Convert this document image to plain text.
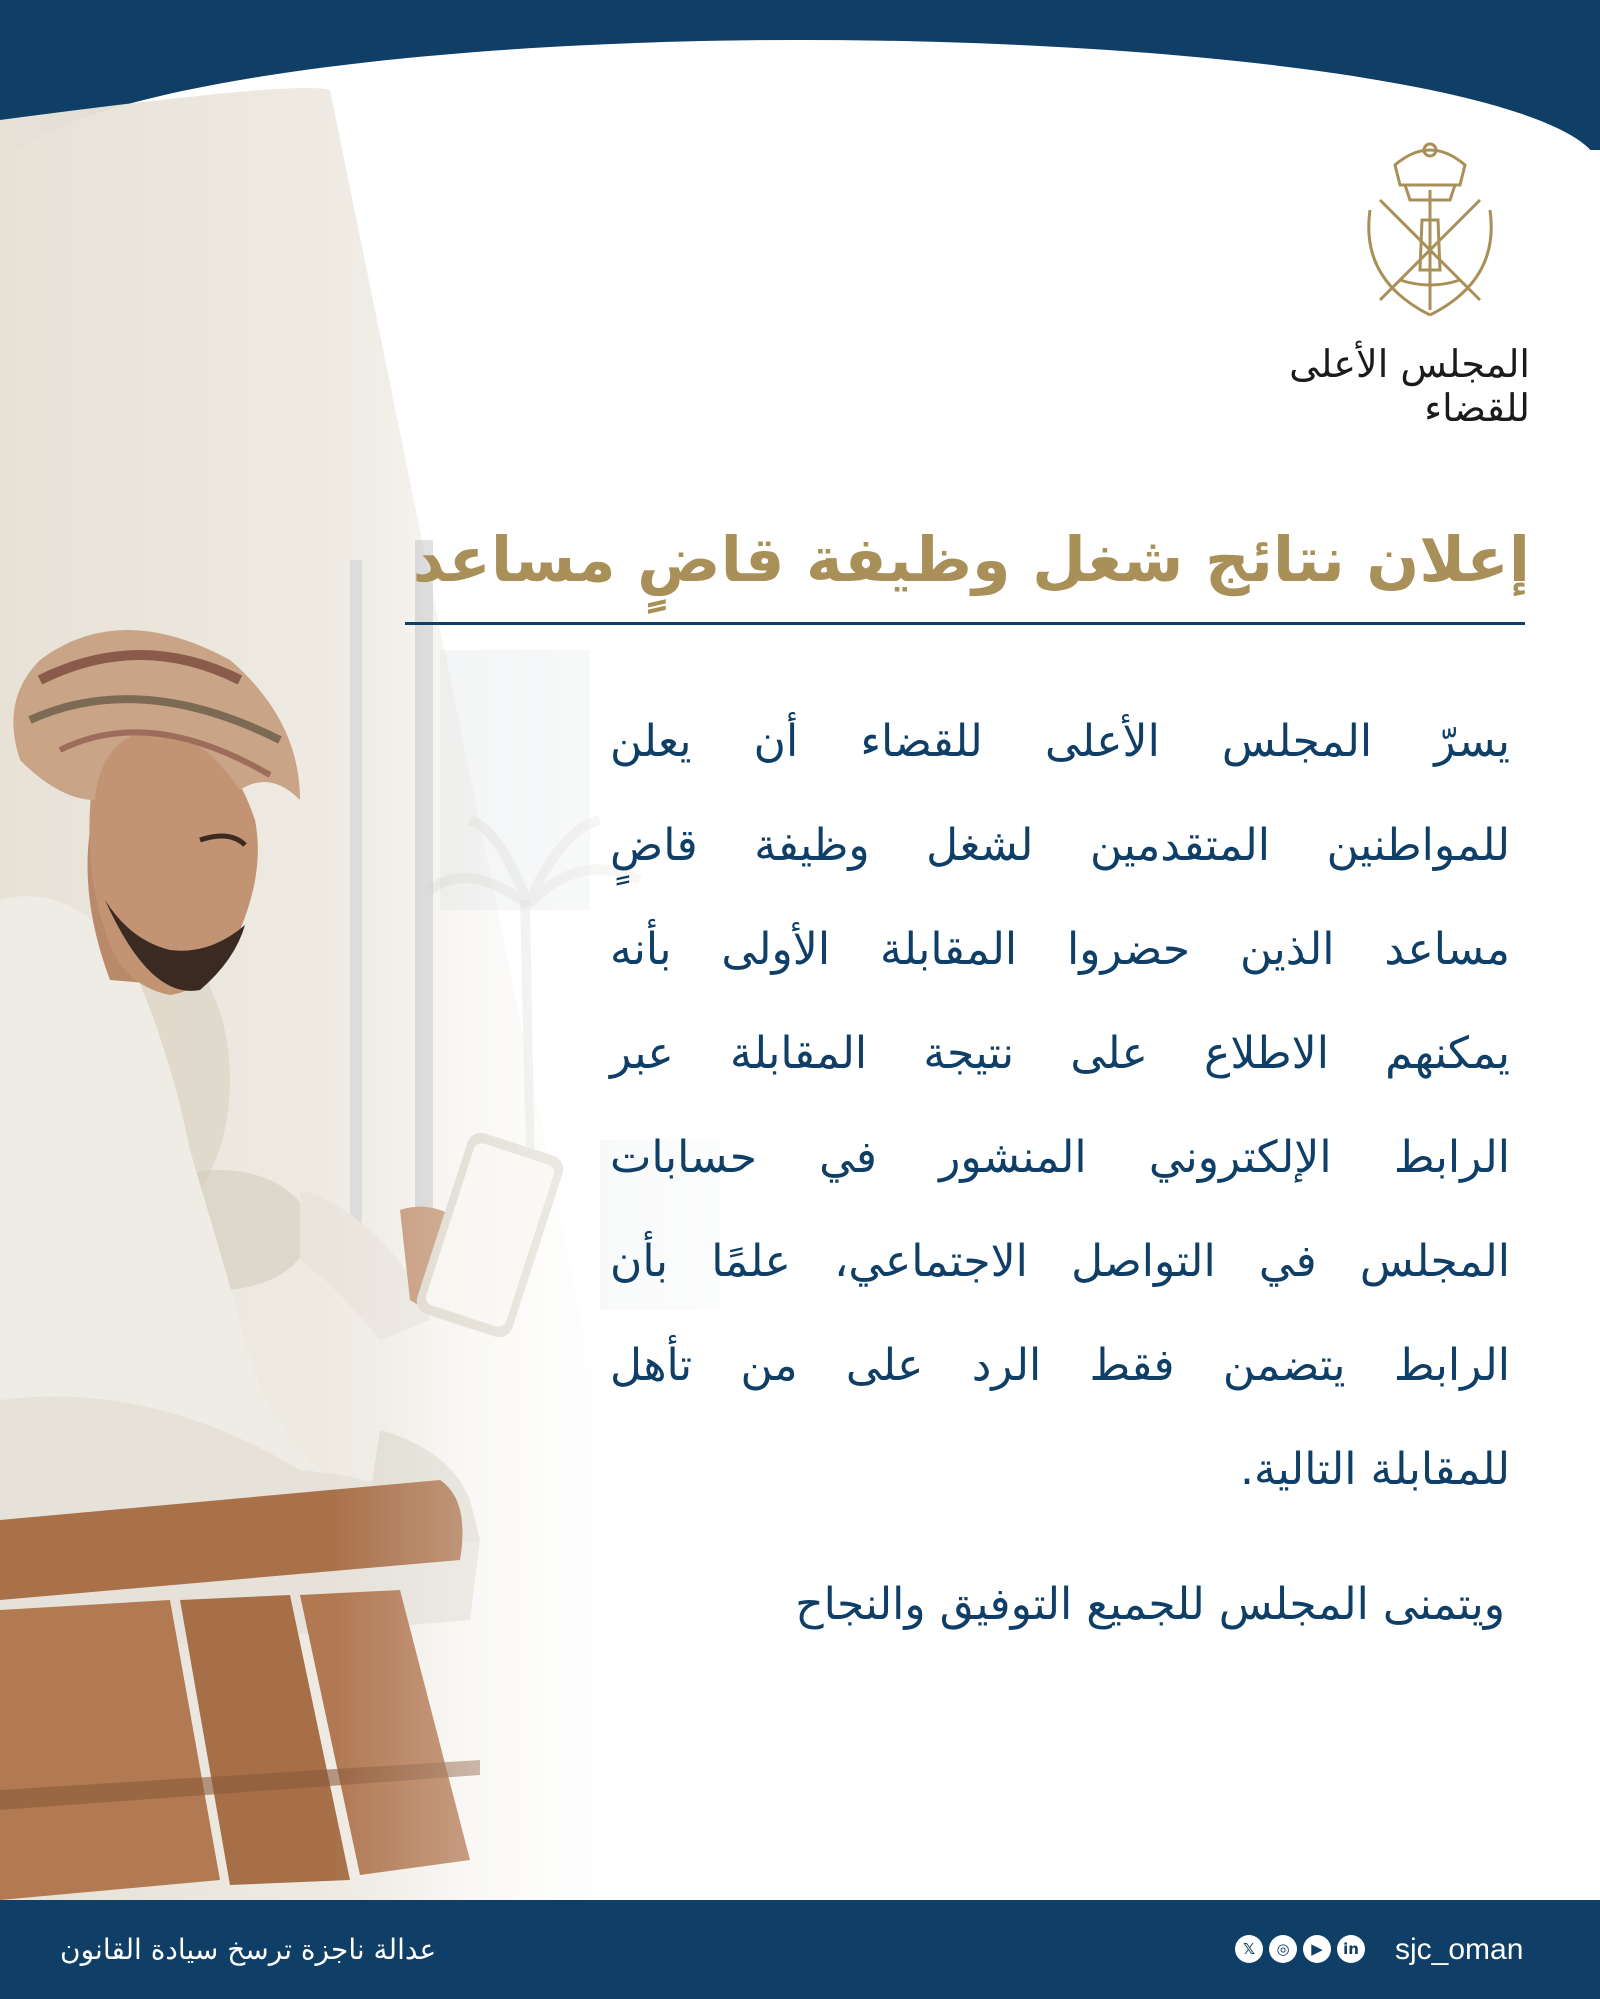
المجلس الأعلى للقضاء
إعلان نتائج شغل وظيفة قاضٍ مساعد
يسرّ المجلس الأعلى للقضاء أن يعلن
للمواطنين المتقدمين لشغل وظيفة قاضٍ
مساعد الذين حضروا المقابلة الأولى بأنه
يمكنهم الاطلاع على نتيجة المقابلة عبر
الرابط الإلكتروني المنشور في حسابات
المجلس في التواصل الاجتماعي، علمًا بأن
الرابط يتضمن فقط الرد على من تأهل
للمقابلة التالية.
ويتمنى المجلس للجميع التوفيق والنجاح
عدالة ناجزة ترسخ سيادة القانون	𝕏	◎	▶	in sjc_oman
